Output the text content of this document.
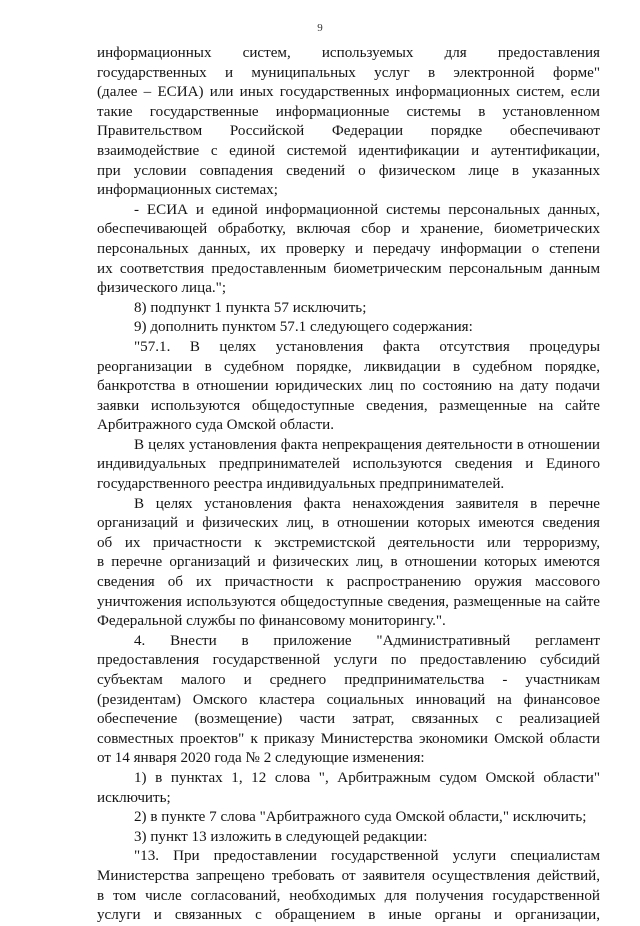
9
информационных систем, используемых для предоставления
государственных и муниципальных услуг в электронной форме"
(далее – ЕСИА) или иных государственных информационных систем, если
такие государственные информационные системы в установленном
Правительством Российской Федерации порядке обеспечивают
взаимодействие с единой системой идентификации и аутентификации,
при условии совпадения сведений о физическом лице в указанных
информационных системах;
- ЕСИА и единой информационной системы персональных данных,
обеспечивающей обработку, включая сбор и хранение, биометрических
персональных данных, их проверку и передачу информации о степени
их соответствия предоставленным биометрическим персональным данным
физического лица.";
8) подпункт 1 пункта 57 исключить;
9) дополнить пунктом 57.1 следующего содержания:
"57.1. В целях установления факта отсутствия процедуры
реорганизации в судебном порядке, ликвидации в судебном порядке,
банкротства в отношении юридических лиц по состоянию на дату подачи
заявки используются общедоступные сведения, размещенные на сайте
Арбитражного суда Омской области.
В целях установления факта непрекращения деятельности в отношении
индивидуальных предпринимателей используются сведения и Единого
государственного реестра индивидуальных предпринимателей.
В целях установления факта ненахождения заявителя в перечне
организаций и физических лиц, в отношении которых имеются сведения
об их причастности к экстремистской деятельности или терроризму,
в перечне организаций и физических лиц, в отношении которых имеются
сведения об их причастности к распространению оружия массового
уничтожения используются общедоступные сведения, размещенные на сайте
Федеральной службы по финансовому мониторингу.".
4. Внести в приложение "Административный регламент
предоставления государственной услуги по предоставлению субсидий
субъектам малого и среднего предпринимательства - участникам
(резидентам) Омского кластера социальных инноваций на финансовое
обеспечение (возмещение) части затрат, связанных с реализацией
совместных проектов" к приказу Министерства экономики Омской области
от 14 января 2020 года № 2 следующие изменения:
1) в пунктах 1, 12 слова ", Арбитражным судом Омской области"
исключить;
2) в пункте 7 слова "Арбитражного суда Омской области," исключить;
3) пункт 13 изложить в следующей редакции:
"13. При предоставлении государственной услуги специалистам
Министерства запрещено требовать от заявителя осуществления действий,
в том числе согласований, необходимых для получения государственной
услуги и связанных с обращением в иные органы и организации,
